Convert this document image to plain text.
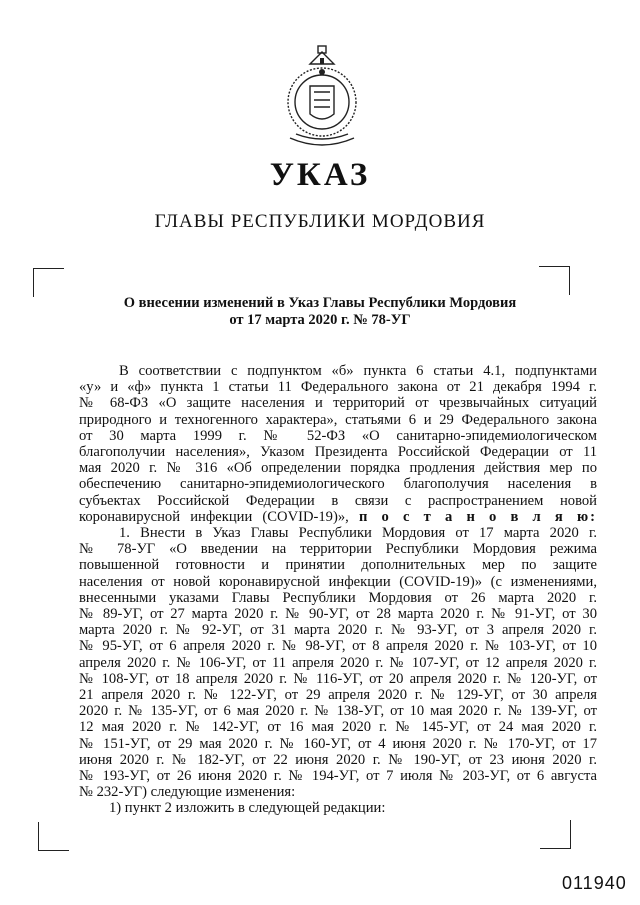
УКАЗ
ГЛАВЫ РЕСПУБЛИКИ МОРДОВИЯ
О внесении изменений в Указ Главы Республики Мордовия
от 17 марта 2020 г. № 78-УГ
В соответствии с подпунктом «б» пункта 6 статьи 4.1, подпунктами
«у» и «ф» пункта 1 статьи 11 Федерального закона от 21 декабря 1994 г.
№ 68-ФЗ «О защите населения и территорий от чрезвычайных ситуаций
природного и техногенного характера», статьями 6 и 29 Федерального закона
от 30 марта 1999 г. № 52-ФЗ «О санитарно-эпидемиологическом
благополучии населения», Указом Президента Российской Федерации от 11
мая 2020 г. № 316 «Об определении порядка продления действия мер по
обеспечению санитарно-эпидемиологического благополучия населения в
субъектах Российской Федерации в связи с распространением новой
коронавирусной инфекции (COVID-19)», п о с т а н о в л я ю:
1. Внести в Указ Главы Республики Мордовия от 17 марта 2020 г.
№ 78-УГ «О введении на территории Республики Мордовия режима
повышенной готовности и принятии дополнительных мер по защите
населения от новой коронавирусной инфекции (COVID-19)» (с изменениями,
внесенными указами Главы Республики Мордовия от 26 марта 2020 г.
№ 89-УГ, от 27 марта 2020 г. № 90-УГ, от 28 марта 2020 г. № 91-УГ, от 30
марта 2020 г. № 92-УГ, от 31 марта 2020 г. № 93-УГ, от 3 апреля 2020 г.
№ 95-УГ, от 6 апреля 2020 г. № 98-УГ, от 8 апреля 2020 г. № 103-УГ, от 10
апреля 2020 г. № 106-УГ, от 11 апреля 2020 г. № 107-УГ, от 12 апреля 2020 г.
№ 108-УГ, от 18 апреля 2020 г. № 116-УГ, от 20 апреля 2020 г. № 120-УГ, от
21 апреля 2020 г. № 122-УГ, от 29 апреля 2020 г. № 129-УГ, от 30 апреля
2020 г. № 135-УГ, от 6 мая 2020 г. № 138-УГ, от 10 мая 2020 г. № 139-УГ, от
12 мая 2020 г. № 142-УГ, от 16 мая 2020 г. № 145-УГ, от 24 мая 2020 г.
№ 151-УГ, от 29 мая 2020 г. № 160-УГ, от 4 июня 2020 г. № 170-УГ, от 17
июня 2020 г. № 182-УГ, от 22 июня 2020 г. № 190-УГ, от 23 июня 2020 г.
№ 193-УГ, от 26 июня 2020 г. № 194-УГ, от 7 июля № 203-УГ, от 6 августа
№ 232-УГ) следующие изменения:
1) пункт 2 изложить в следующей редакции:
011940
